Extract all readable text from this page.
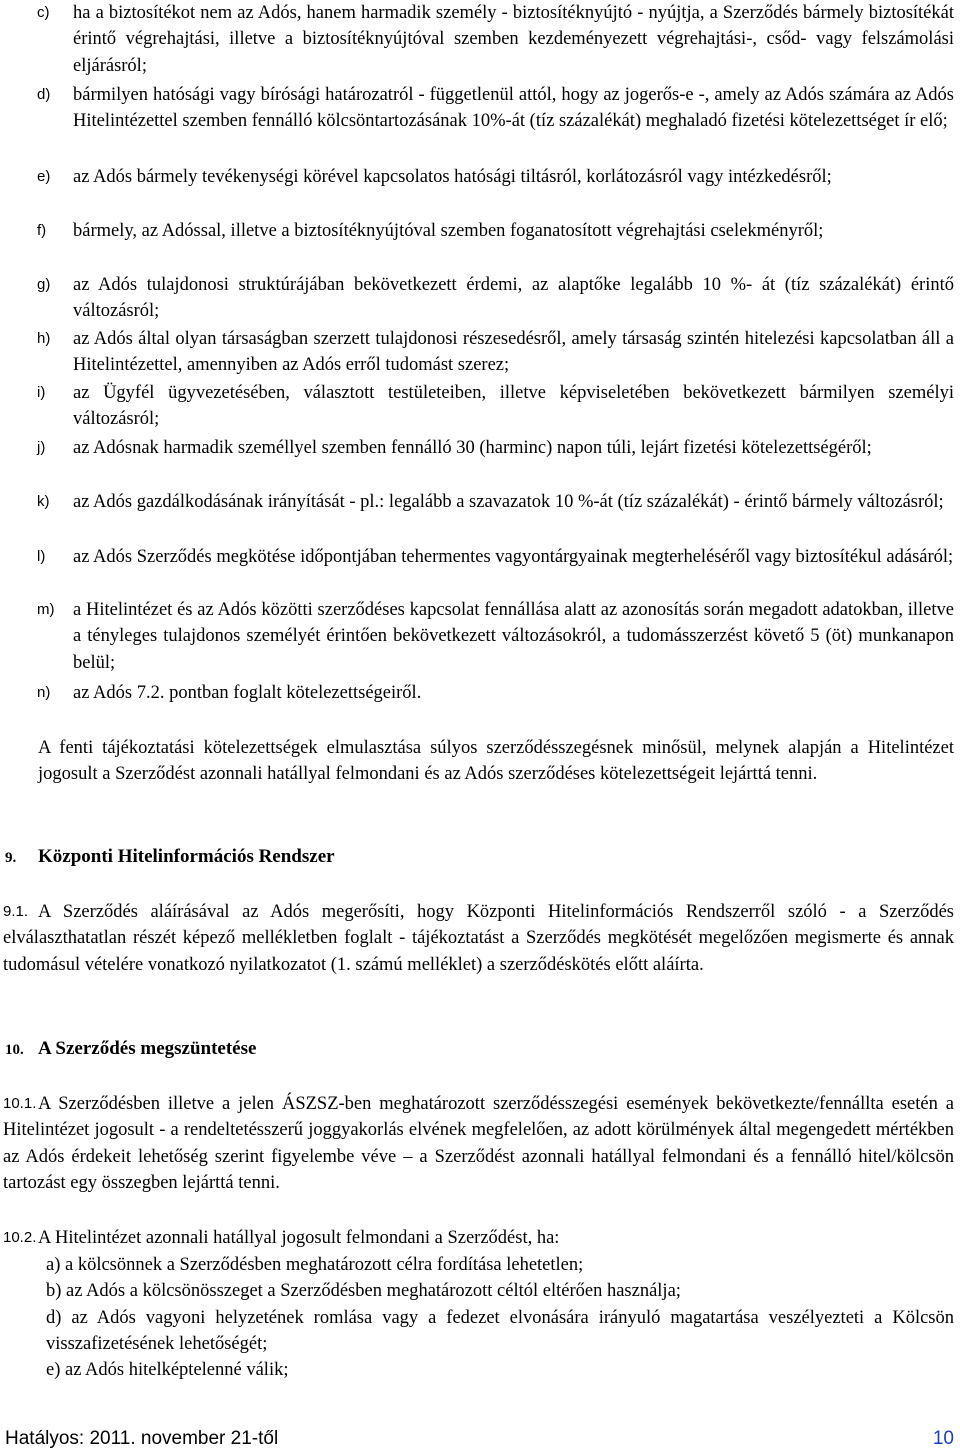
c) ha a biztosítékot nem az Adós, hanem harmadik személy - biztosítéknyújtó - nyújtja, a Szerződés bármely biztosítékát érintő végrehajtási, illetve a biztosítéknyújtóval szemben kezdeményezett végrehajtási-, csőd- vagy felszámolási eljárásról;
d) bármilyen hatósági vagy bírósági határozatról - függetlenül attól, hogy az jogerős-e -, amely az Adós számára az Adós Hitelintézettel szemben fennálló kölcsöntartozásának 10%-át (tíz százalékát) meghaladó fizetési kötelezettséget ír elő;
e) az Adós bármely tevékenységi körével kapcsolatos hatósági tiltásról, korlátozásról vagy intézkedésről;
f) bármely, az Adóssal, illetve a biztosítéknyújtóval szemben foganatosított végrehajtási cselekményről;
g) az Adós tulajdonosi struktúrájában bekövetkezett érdemi, az alaptőke legalább 10 %- át (tíz százalékát) érintő változásról;
h) az Adós által olyan társaságban szerzett tulajdonosi részesedésről, amely társaság szintén hitelezési kapcsolatban áll a Hitelintézettel, amennyiben az Adós erről tudomást szerez;
i) az Ügyfél ügyvezetésében, választott testületeiben, illetve képviseletében bekövetkezett bármilyen személyi változásról;
j) az Adósnak harmadik személlyel szemben fennálló 30 (harminc) napon túli, lejárt fizetési kötelezettségéről;
k) az Adós gazdálkodásának irányítását - pl.: legalább a szavazatok 10 %-át (tíz százalékát) - érintő bármely változásról;
l) az Adós Szerződés megkötése időpontjában tehermentes vagyontárgyainak megterheléséről vagy biztosítékul adásáról;
m) a Hitelintézet és az Adós közötti szerződéses kapcsolat fennállása alatt az azonosítás során megadott adatokban, illetve a tényleges tulajdonos személyét érintően bekövetkezett változásokról, a tudomásszerzést követő 5 (öt) munkanapon belül;
n) az Adós 7.2. pontban foglalt kötelezettségeiről.
A fenti tájékoztatási kötelezettségek elmulasztása súlyos szerződésszegésnek minősül, melynek alapján a Hitelintézet jogosult a Szerződést azonnali hatállyal felmondani és az Adós szerződéses kötelezettségeit lejárttá tenni.
9. Központi Hitelinformációs Rendszer
9.1. A Szerződés aláírásával az Adós megerősíti, hogy Központi Hitelinformációs Rendszerről szóló - a Szerződés elválaszthatatlan részét képező mellékletben foglalt - tájékoztatást a Szerződés megkötését megelőzően megismerte és annak tudomásul vételére vonatkozó nyilatkozatot (1. számú melléklet) a szerződéskötés előtt aláírta.
10. A Szerződés megszüntetése
10.1. A Szerződésben illetve a jelen ÁSZSZ-ben meghatározott szerződésszegési események bekövetkezte/fennállta esetén a Hitelintézet jogosult - a rendeltetésszerű joggyakorlás elvének megfelelően, az adott körülmények által megengedett mértékben az Adós érdekeit lehetőség szerint figyelembe véve – a Szerződést azonnali hatállyal felmondani és a fennálló hitel/kölcsön tartozást egy összegben lejárttá tenni.
10.2. A Hitelintézet azonnali hatállyal jogosult felmondani a Szerződést, ha:
a) a kölcsönnek a Szerződésben meghatározott célra fordítása lehetetlen;
b) az Adós a kölcsönösszeget a Szerződésben meghatározott céltól eltérően használja;
d) az Adós vagyoni helyzetének romlása vagy a fedezet elvonására irányuló magatartása veszélyezteti a Kölcsön visszafizetésének lehetőségét;
e) az Adós hitelképtelenné válik;
Hatályos: 2011. november 21-től	10
